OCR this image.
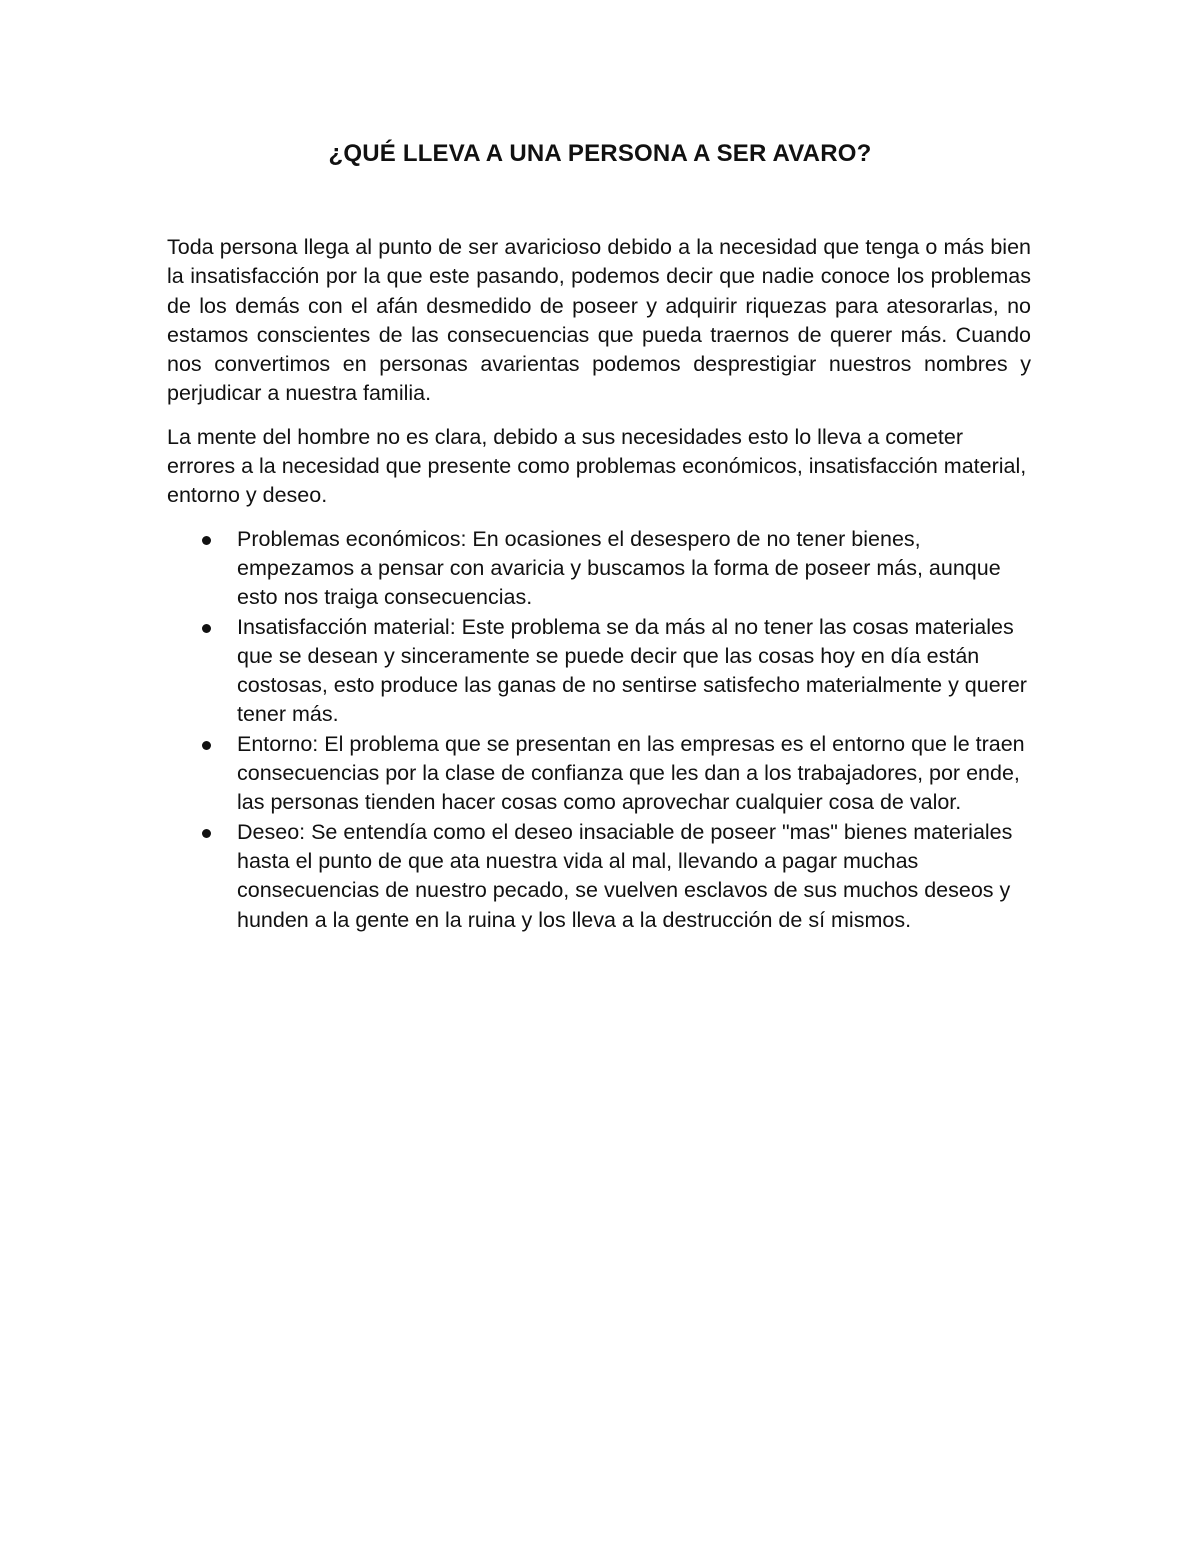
¿QUÉ LLEVA A UNA PERSONA A SER AVARO?

Toda persona llega al punto de ser avaricioso debido a la necesidad que tenga o más bien la insatisfacción por la que este pasando, podemos decir que nadie conoce los problemas de los demás con el afán desmedido de poseer y adquirir riquezas para atesorarlas, no estamos conscientes de las consecuencias que pueda traernos de querer más. Cuando nos convertimos en personas avarientas podemos desprestigiar nuestros nombres y perjudicar a nuestra familia.

La mente del hombre no es clara, debido a sus necesidades esto lo lleva a cometer errores a la necesidad que presente como problemas económicos, insatisfacción material, entorno y deseo.

Problemas económicos: En ocasiones el desespero de no tener bienes, empezamos a pensar con avaricia y buscamos la forma de poseer más, aunque esto nos traiga consecuencias.
Insatisfacción material: Este problema se da más al no tener las cosas materiales que se desean y sinceramente se puede decir que las cosas hoy en día están costosas, esto produce las ganas de no sentirse satisfecho materialmente y querer tener más.
Entorno: El problema que se presentan en las empresas es el entorno que le traen consecuencias por la clase de confianza que les dan a los trabajadores, por ende, las personas tienden hacer cosas como aprovechar cualquier cosa de valor.
Deseo: Se entendía como el deseo insaciable de poseer "mas" bienes materiales hasta el punto de que ata nuestra vida al mal, llevando a pagar muchas consecuencias de nuestro pecado, se vuelven esclavos de sus muchos deseos y hunden a la gente en la ruina y los lleva a la destrucción de sí mismos.
